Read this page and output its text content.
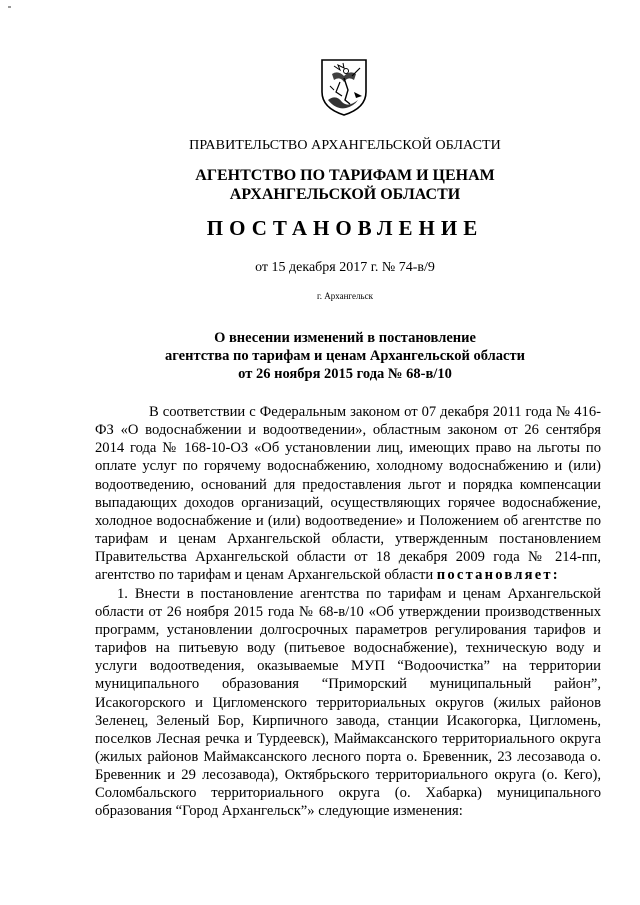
ПРАВИТЕЛЬСТВО АРХАНГЕЛЬСКОЙ ОБЛАСТИ
АГЕНТСТВО ПО ТАРИФАМ И ЦЕНАМ
АРХАНГЕЛЬСКОЙ ОБЛАСТИ
ПОСТАНОВЛЕНИЕ
от 15 декабря 2017 г. № 74-в/9
г. Архангельск
О внесении изменений в постановление
агентства по тарифам и ценам Архангельской области
от 26 ноября 2015 года № 68-в/10

В соответствии с Федеральным законом от 07 декабря 2011 года № 416-ФЗ «О водоснабжении и водоотведении», областным законом от 26 сентября 2014 года № 168-10-ОЗ «Об установлении лиц, имеющих право на льготы по оплате услуг по горячему водоснабжению, холодному водоснабжению и (или) водоотведению, оснований для предоставления льгот и порядка компенсации выпадающих доходов организаций, осуществляющих горячее водоснабжение, холодное водоснабжение и (или) водоотведение» и Положением об агентстве по тарифам и ценам Архангельской области, утвержденным постановлением Правительства Архангельской области от 18 декабря 2009 года № 214-пп, агентство по тарифам и ценам Архангельской области постановляет:

1. Внести в постановление агентства по тарифам и ценам Архангельской области от 26 ноября 2015 года № 68-в/10 «Об утверждении производственных программ, установлении долгосрочных параметров регулирования тарифов и тарифов на питьевую воду (питьевое водоснабжение), техническую воду и услуги водоотведения, оказываемые МУП “Водоочистка” на территории муниципального образования “Приморский муниципальный район”, Исакогорского и Цигломенского территориальных округов (жилых районов Зеленец, Зеленый Бор, Кирпичного завода, станции Исакогорка, Цигломень, поселков Лесная речка и Турдеевск), Маймаксанского территориального округа (жилых районов Маймаксанского лесного порта о. Бревенник, 23 лесозавода о. Бревенник и 29 лесозавода), Октябрьского территориального округа (о. Кего), Соломбальского территориального округа (о. Хабарка) муниципального образования “Город Архангельск”» следующие изменения:
